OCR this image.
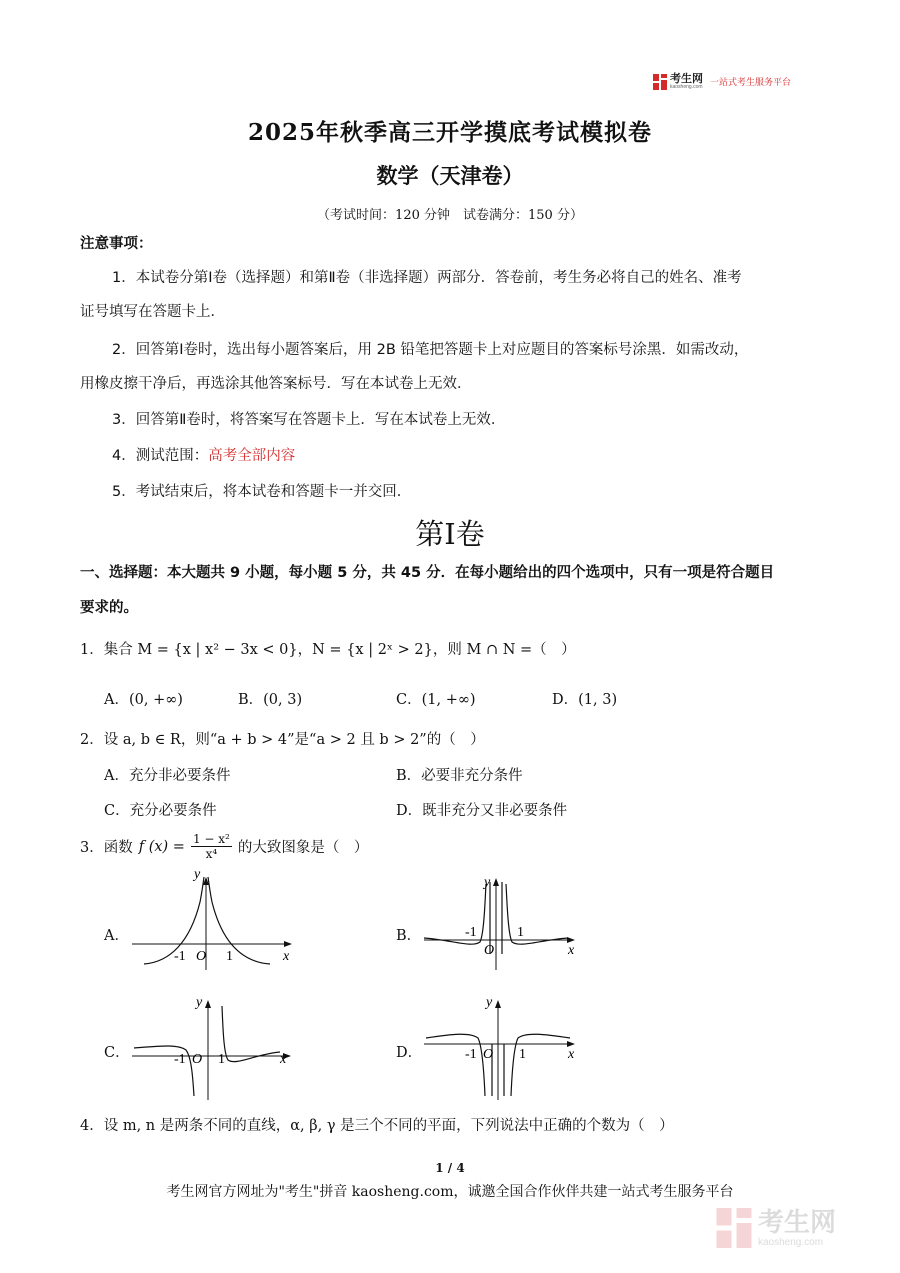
考生网
kaosheng.com 一站式考生服务平台
2025年秋季高三开学摸底考试模拟卷
数学（天津卷）
（考试时间：120 分钟　试卷满分：150 分）
注意事项：
1．本试卷分第Ⅰ卷（选择题）和第Ⅱ卷（非选择题）两部分．答卷前，考生务必将自己的姓名、准考
证号填写在答题卡上．
2．回答第Ⅰ卷时，选出每小题答案后，用 2B 铅笔把答题卡上对应题目的答案标号涂黑．如需改动，
用橡皮擦干净后，再选涂其他答案标号．写在本试卷上无效．
3．回答第Ⅱ卷时，将答案写在答题卡上．写在本试卷上无效．
4．测试范围：高考全部内容
5．考试结束后，将本试卷和答题卡一并交回．
第Ⅰ卷
一、选择题：本大题共 9 小题，每小题 5 分，共 45 分．在每小题给出的四个选项中，只有一项是符合题目
要求的。
1．集合 M = {x | x² − 3x < 0}，N = {x | 2ˣ > 2}，则 M ∩ N =（　）
A．(0, +∞)	B．(0, 3)	C．(1, +∞)	D．(1, 3)
2．设 a, b ∈ R，则“a + b > 4”是“a > 2 且 b > 2”的（　）
A．充分非必要条件	B．必要非充分条件
C．充分必要条件	D．既非充分又非必要条件
3．函数 f $(x) = \frac{\text{1 − x²}}{\text{x⁴}}$ 的大致图象是（　）
A．	B．
C．	D．
y
x
O
-1	1
y
x
O
-1	1
y
x
O
-1 1
y
x
O
-1	1
4．设 m, n 是两条不同的直线，α, β, γ 是三个不同的平面，下列说法中正确的个数为（　）
1 / 4
考生网官方网址为"考生"拼音 kaosheng.com，诚邀全国合作伙伴共建一站式考生服务平台
考生网
kaosheng.com
